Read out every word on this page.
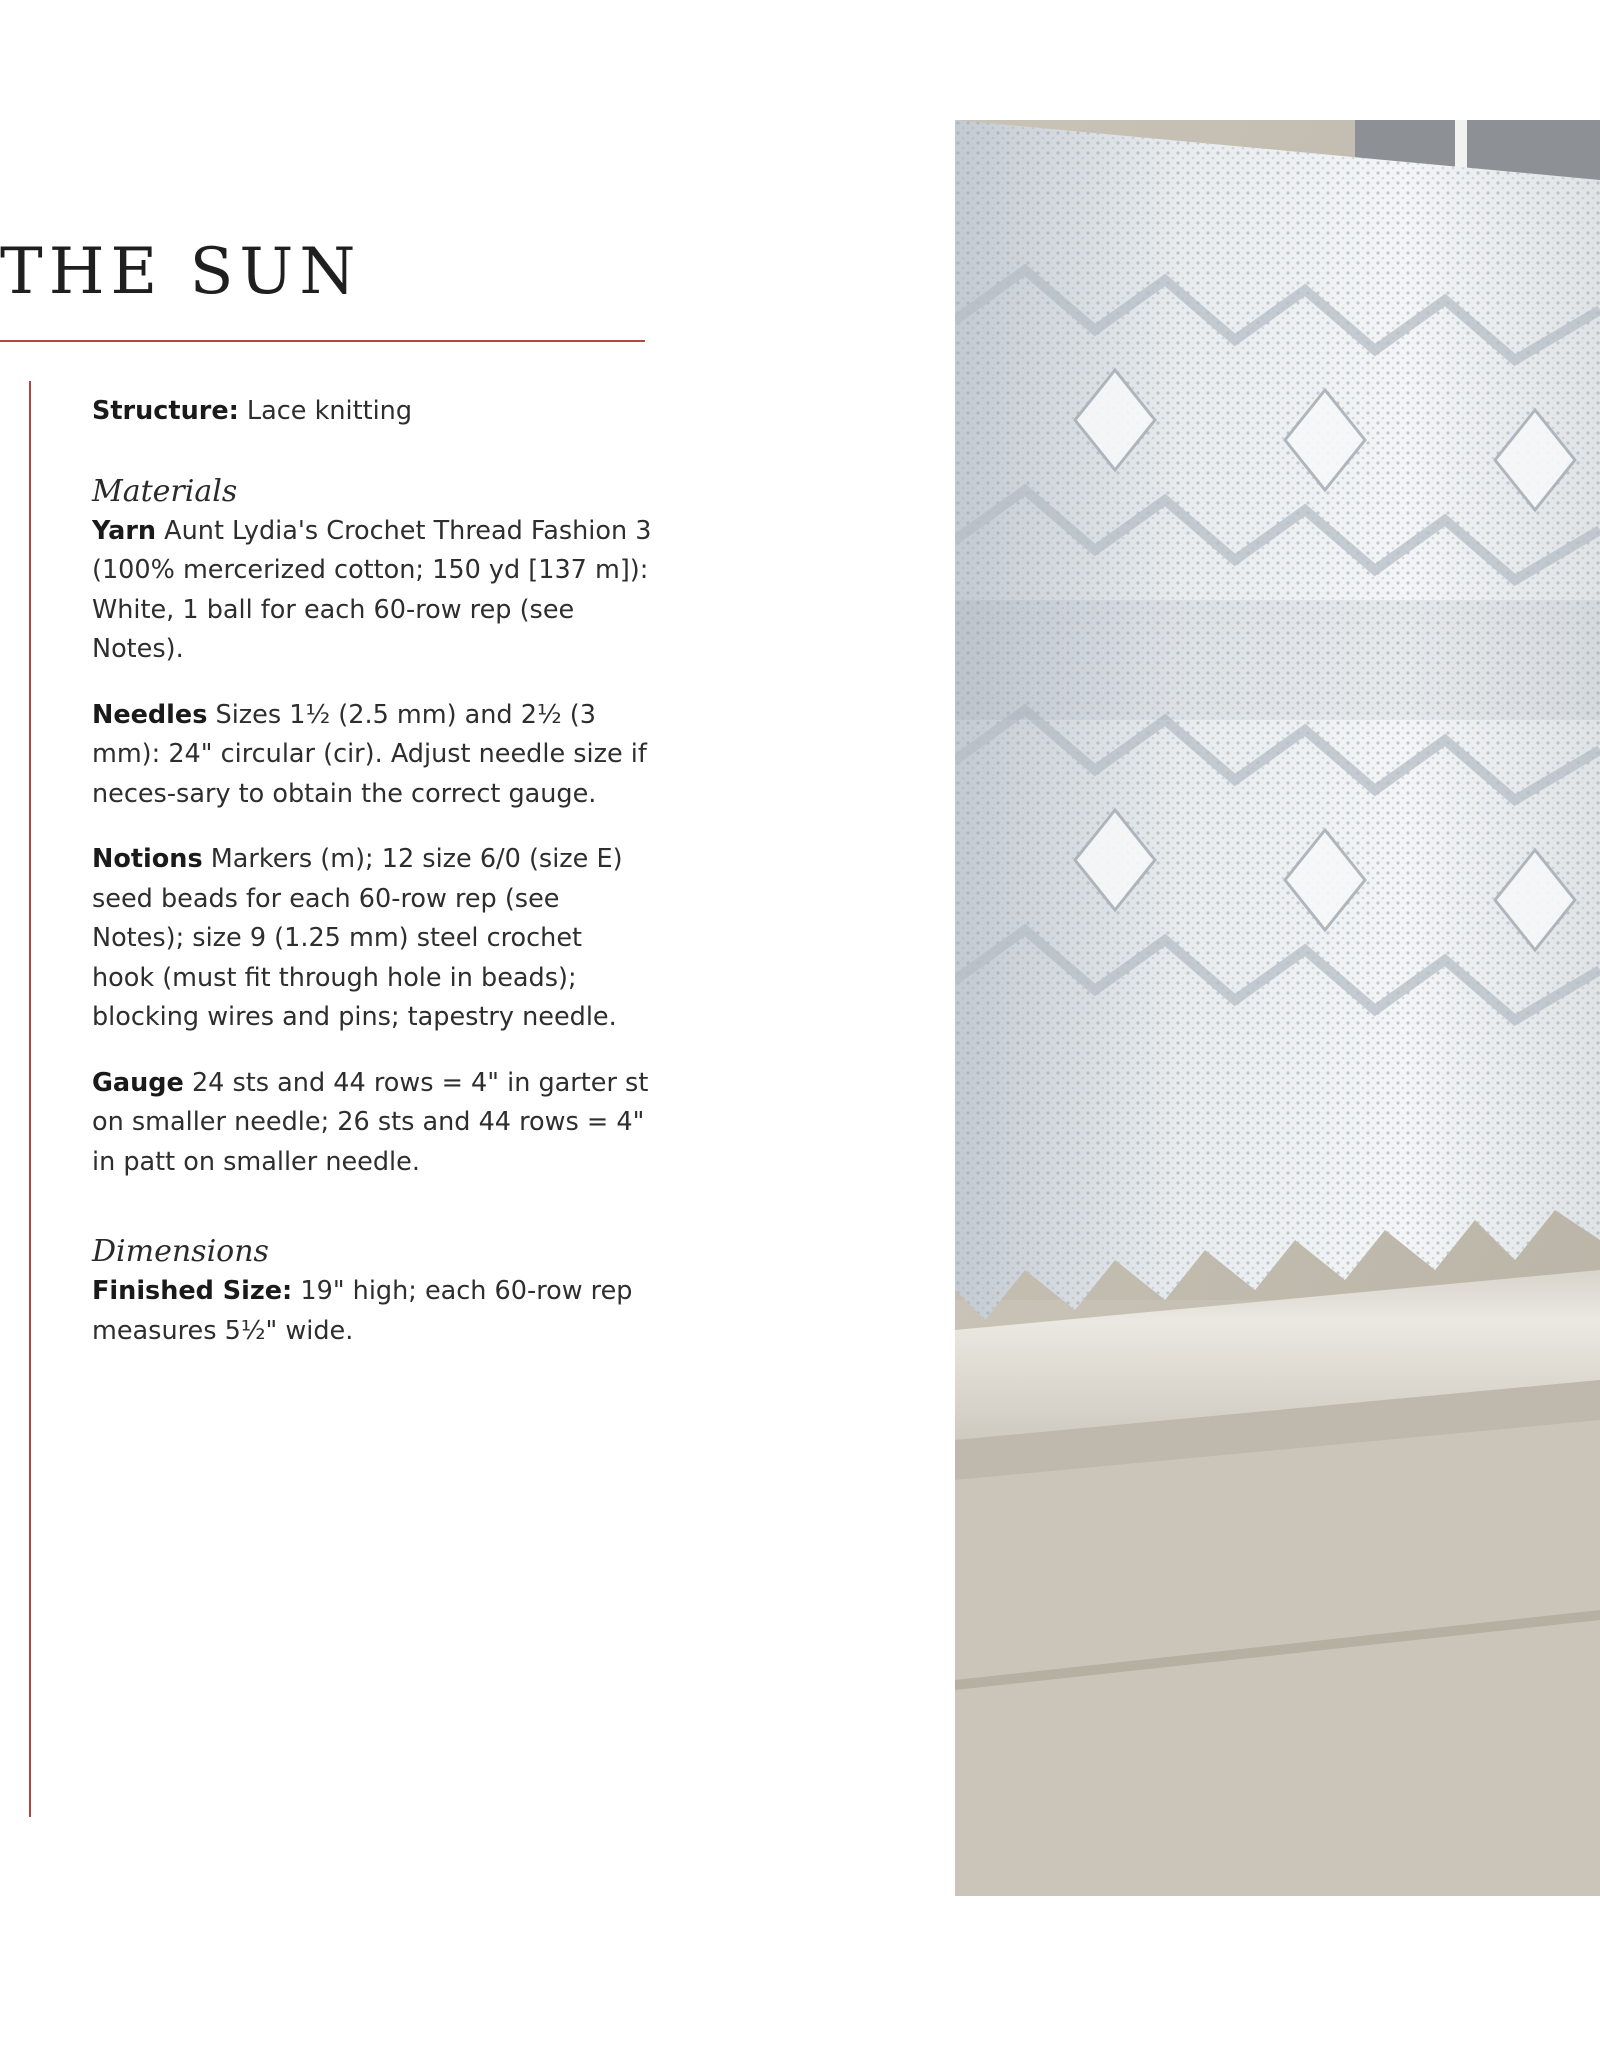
THE SUN

Structure: Lace knitting

Materials

Yarn Aunt Lydia's Crochet Thread Fashion 3 (100% mercerized cotton; 150 yd [137 m]): White, 1 ball for each 60-row rep (see Notes).

Needles Sizes 1½ (2.5 mm) and 2½ (3 mm): 24" circular (cir). Adjust needle size if neces-sary to obtain the correct gauge.

Notions Markers (m); 12 size 6/0 (size E) seed beads for each 60-row rep (see Notes); size 9 (1.25 mm) steel crochet hook (must fit through hole in beads); blocking wires and pins; tapestry needle.

Gauge 24 sts and 44 rows = 4" in garter st on smaller needle; 26 sts and 44 rows = 4" in patt on smaller needle.

Dimensions

Finished Size: 19" high; each 60-row rep measures 5½" wide.
